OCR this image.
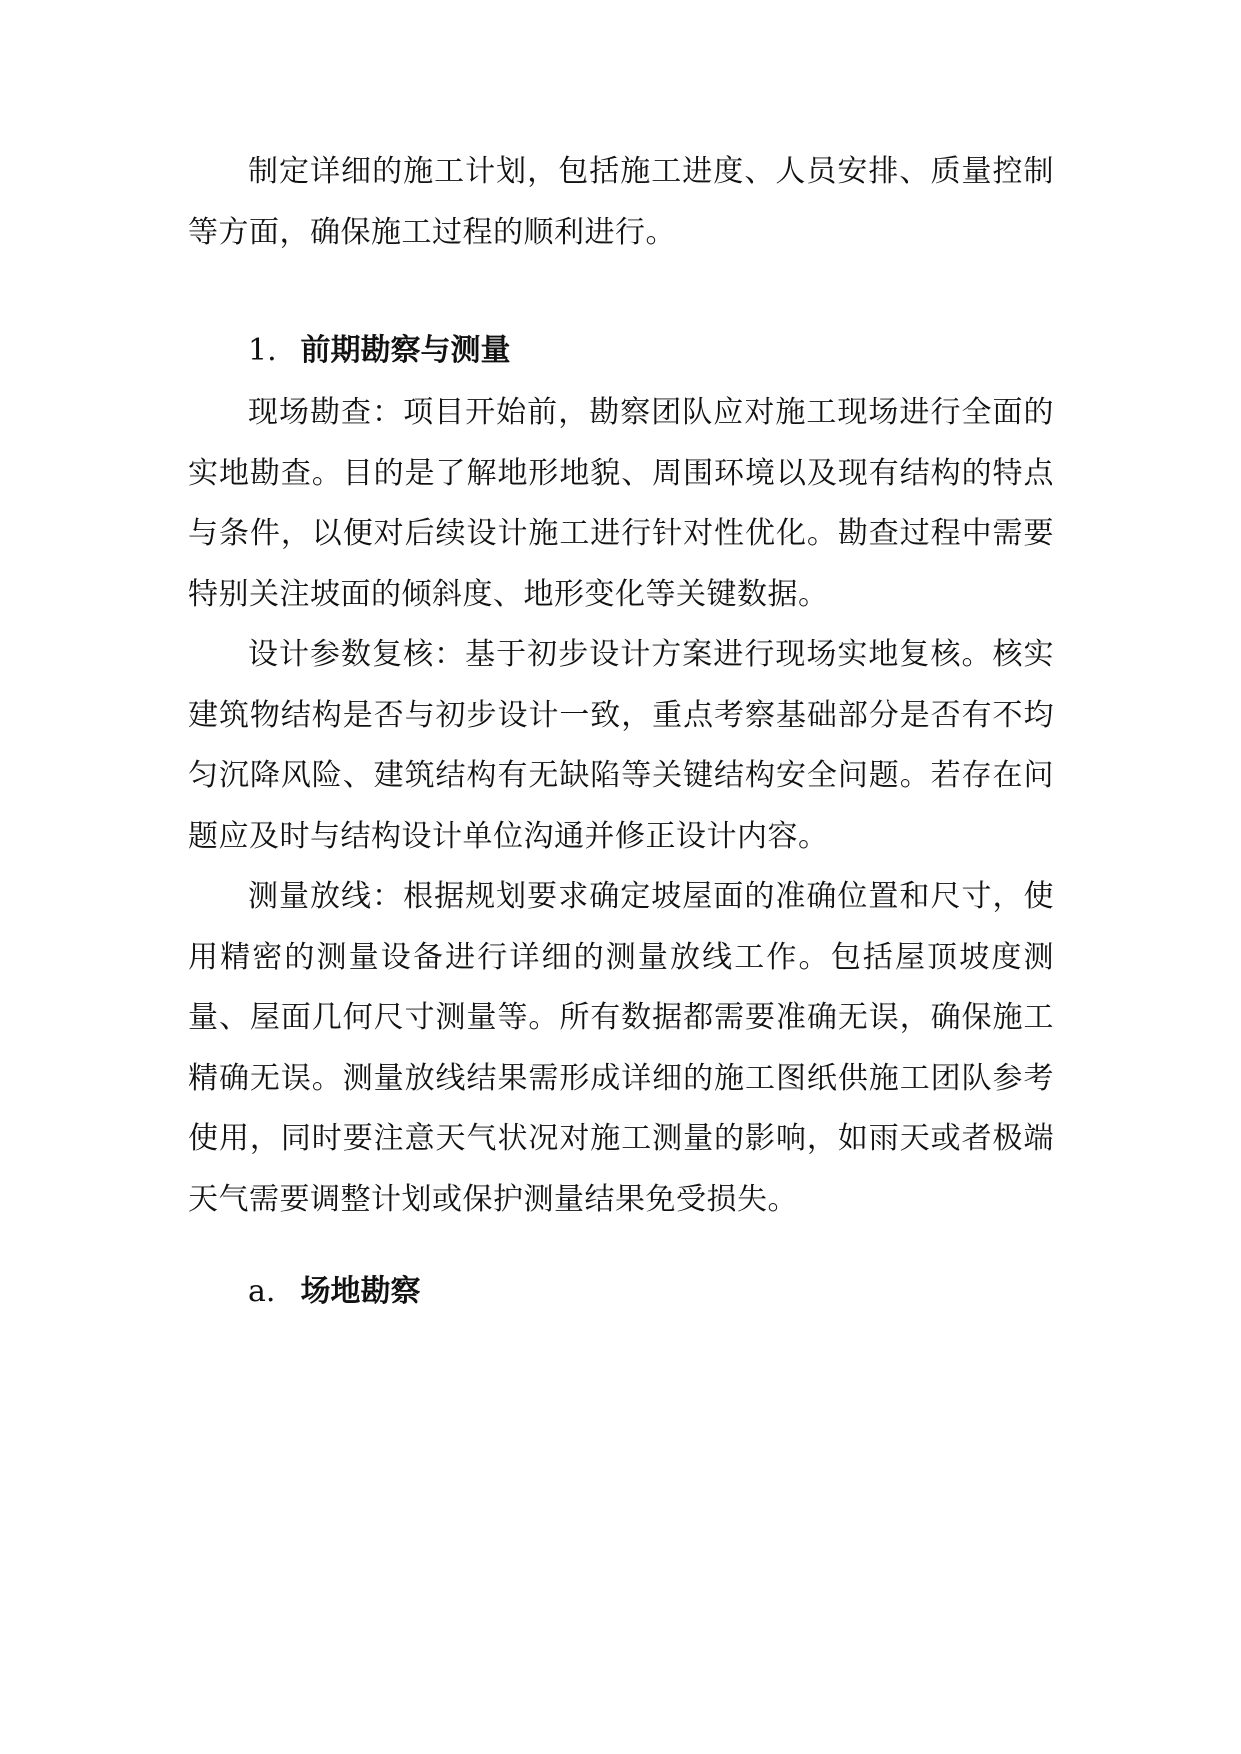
制定详细的施工计划，包括施工进度、人员安排、质量控制等方面，确保施工过程的顺利进行。

1. 前期勘察与测量

现场勘查：项目开始前，勘察团队应对施工现场进行全面的实地勘查。目的是了解地形地貌、周围环境以及现有结构的特点与条件，以便对后续设计施工进行针对性优化。勘查过程中需要特别关注坡面的倾斜度、地形变化等关键数据。

设计参数复核：基于初步设计方案进行现场实地复核。核实建筑物结构是否与初步设计一致，重点考察基础部分是否有不均匀沉降风险、建筑结构有无缺陷等关键结构安全问题。若存在问题应及时与结构设计单位沟通并修正设计内容。

测量放线：根据规划要求确定坡屋面的准确位置和尺寸，使用精密的测量设备进行详细的测量放线工作。包括屋顶坡度测量、屋面几何尺寸测量等。所有数据都需要准确无误，确保施工精确无误。测量放线结果需形成详细的施工图纸供施工团队参考使用，同时要注意天气状况对施工测量的影响，如雨天或者极端天气需要调整计划或保护测量结果免受损失。

a. 场地勘察
